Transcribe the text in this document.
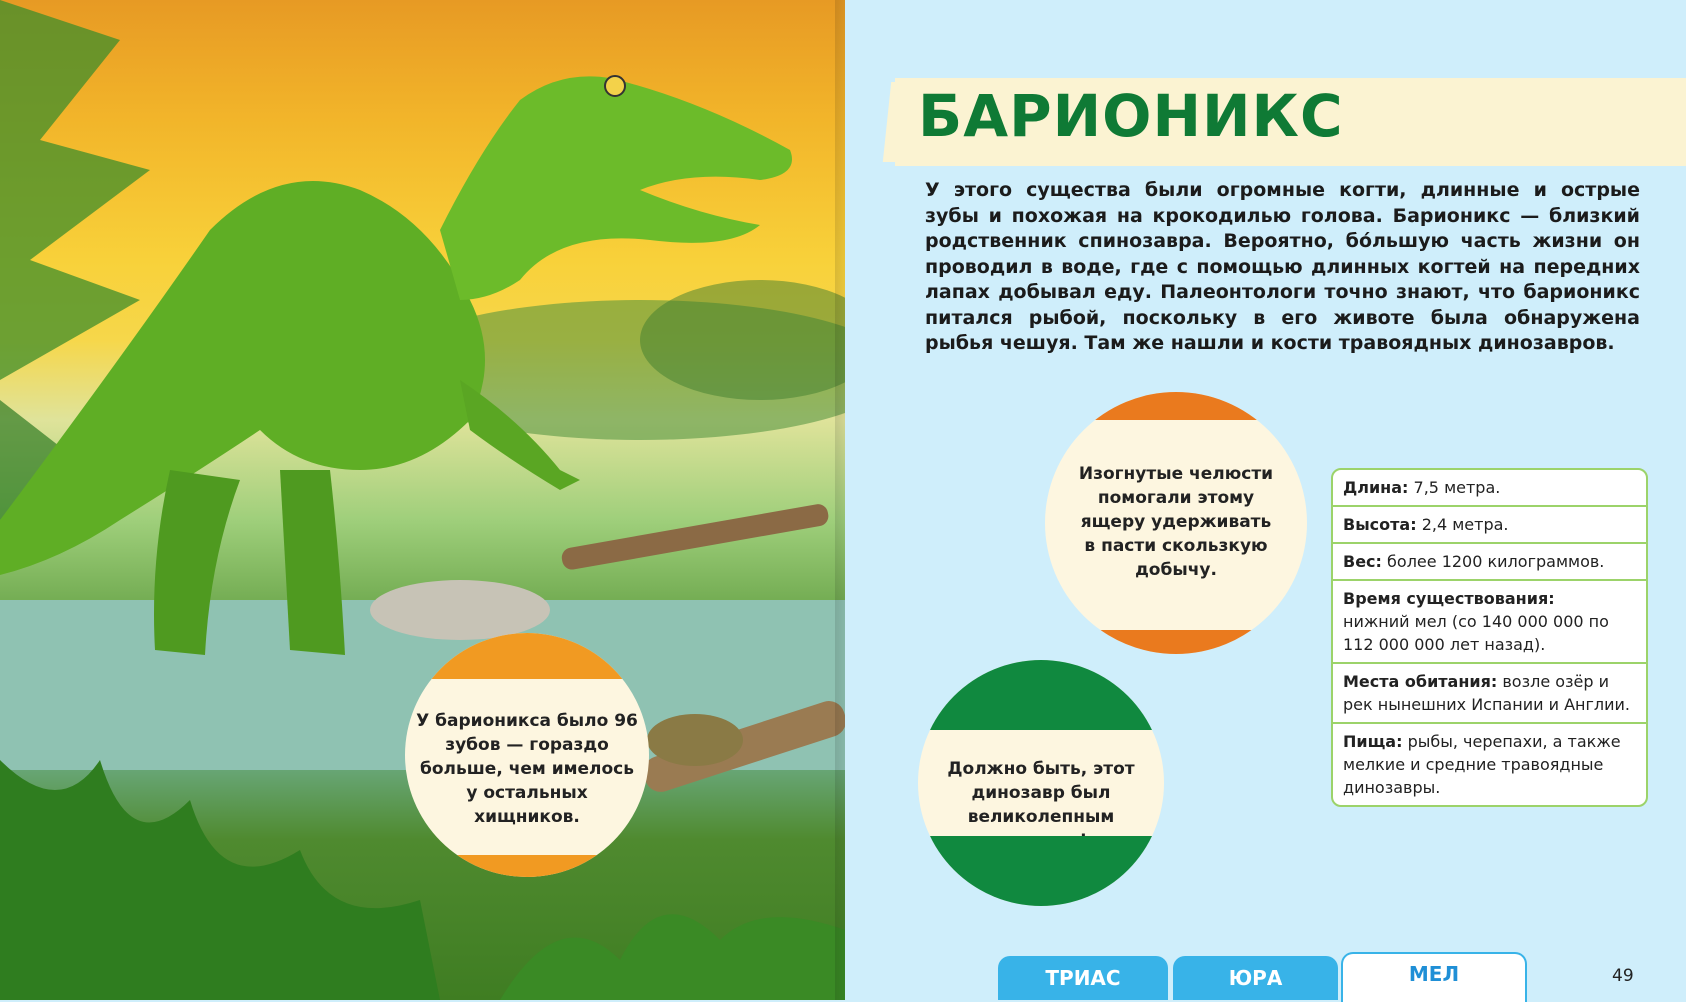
БАРИОНИКС
У этого существа были огромные когти, длинные и острые зубы и похожая на крокодилью голова. Барионикс — близкий родственник спинозавра. Вероятно, бóльшую часть жизни он проводил в воде, где с помощью длинных когтей на передних лапах добывал еду. Палеонтологи точно знают, что барионикс питался рыбой, поскольку в его животе была обнаружена рыбья чешуя. Там же нашли и кости травоядных динозавров.
Изогнутые челюсти помогали этому ящеру удерживать в пасти скользкую добычу.
Должно быть, этот динозавр был великолепным
У барионикса было 96 зубов — гораздо больше, чем имелось у остальных хищников.
Длина: 7,5 метра.
Высота: 2,4 метра.
Вес: более 1200 килограммов.
Время существования:
нижний мел (со 140 000 000 по 112 000 000 лет назад).
Места обитания: возле озёр и рек нынешних Испании и Англии.
Пища: рыбы, черепахи, а также мелкие и средние травоядные динозавры.
ТРИАС	ЮРА	МЕЛ	49
